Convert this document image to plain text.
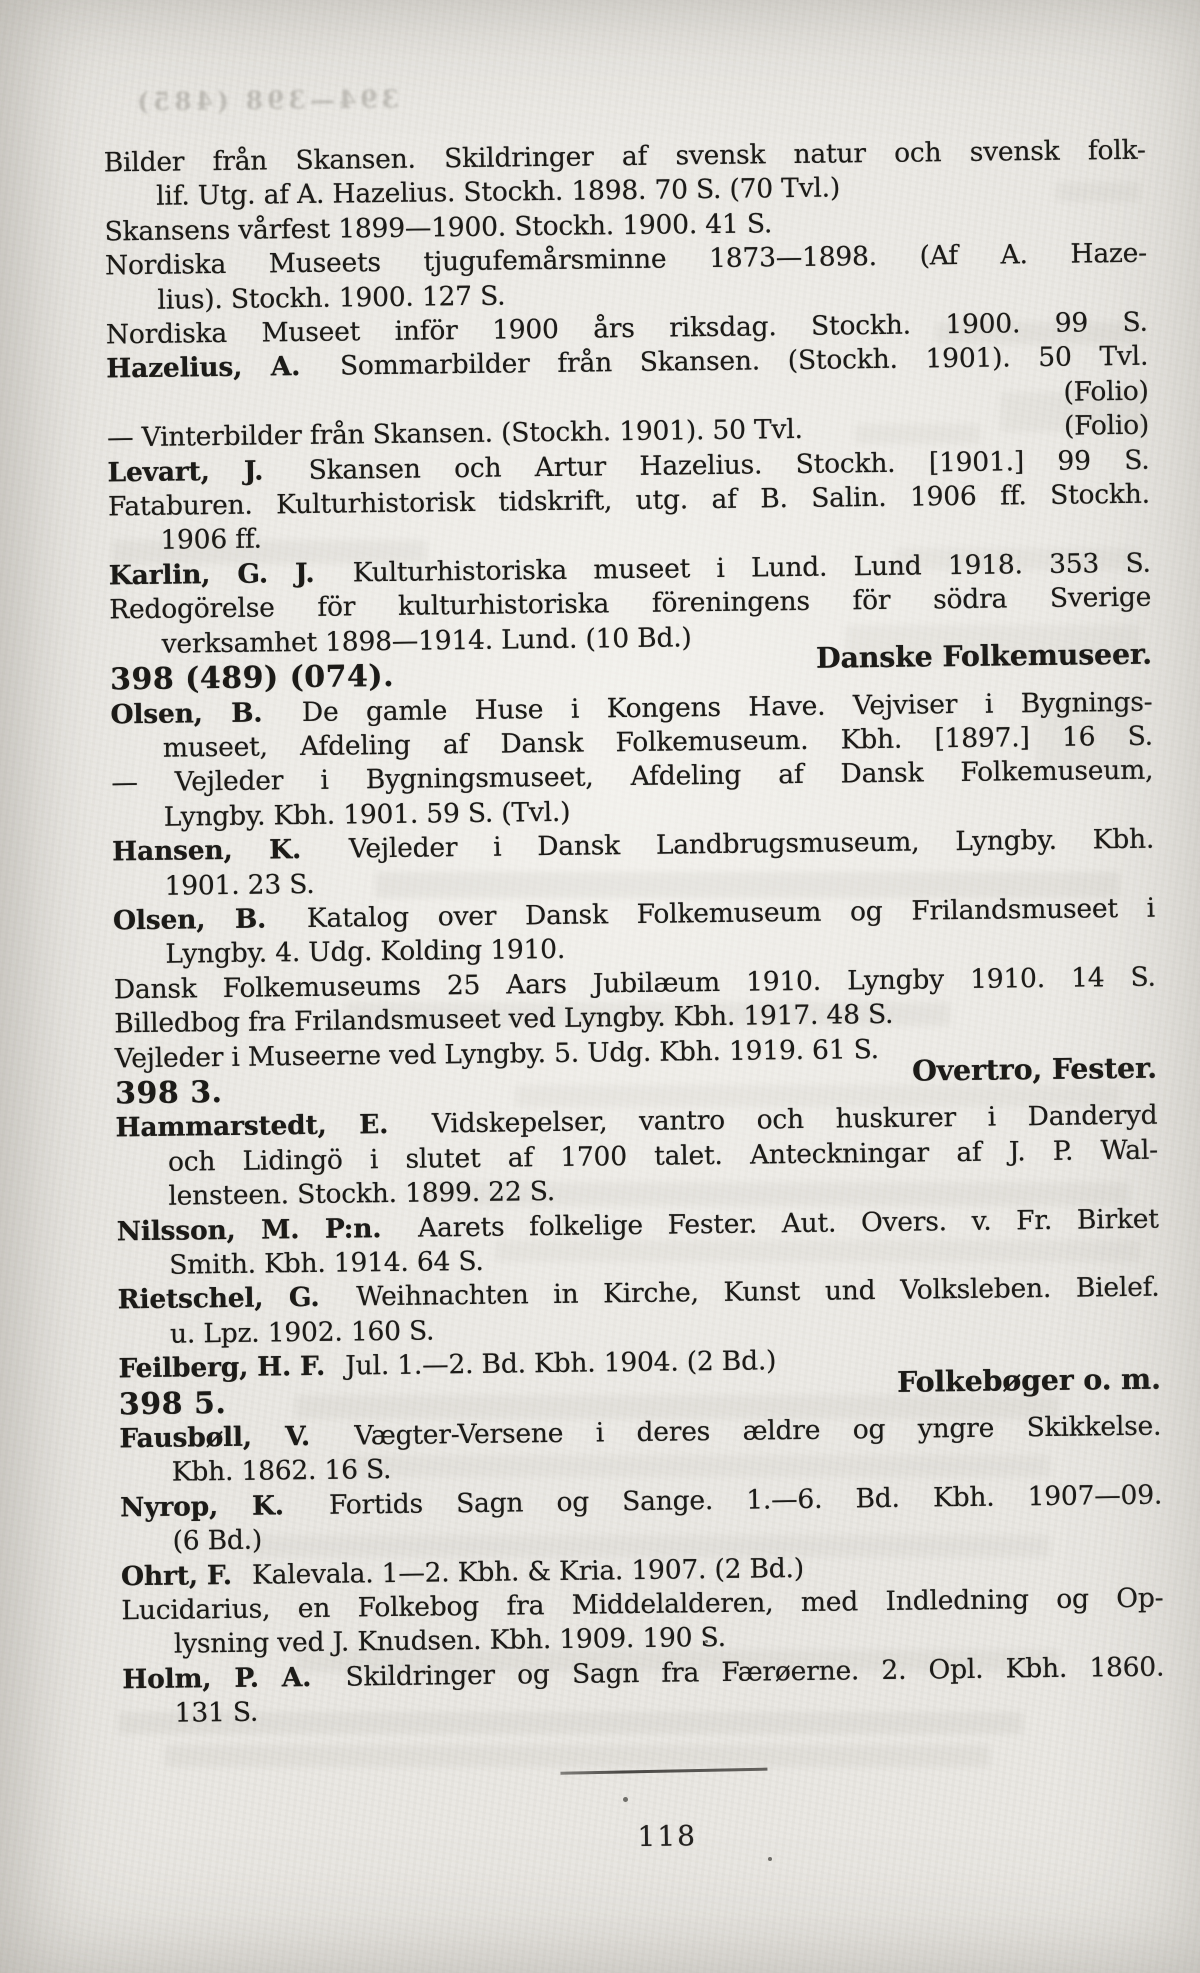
394—398 (485)
Bilder från Skansen. Skildringer af svensk natur och svensk folk-
lif. Utg. af A. Hazelius. Stockh. 1898. 70 S. (70 Tvl.)
Skansens vårfest 1899—1900. Stockh. 1900. 41 S.
Nordiska Museets tjugufemårsminne 1873—1898. (Af A. Haze-
lius). Stockh. 1900. 127 S.
Nordiska Museet inför 1900 års riksdag. Stockh. 1900. 99 S.
Hazelius, A. Sommarbilder från Skansen. (Stockh. 1901). 50 Tvl.
(Folio)
— Vinterbilder från Skansen. (Stockh. 1901). 50 Tvl.	(Folio)
Levart, J. Skansen och Artur Hazelius. Stockh. [1901.] 99 S.
Fataburen. Kulturhistorisk tidskrift, utg. af B. Salin. 1906 ff. Stockh.
1906 ff.
Karlin, G. J. Kulturhistoriska museet i Lund. Lund 1918. 353 S.
Redogörelse för kulturhistoriska föreningens för södra Sverige
verksamhet 1898—1914. Lund. (10 Bd.)
398 (489) (074).
Danske Folkemuseer.
Olsen, B. De gamle Huse i Kongens Have. Vejviser i Bygnings-
museet, Afdeling af Dansk Folkemuseum. Kbh. [1897.] 16 S.
— Vejleder i Bygningsmuseet, Afdeling af Dansk Folkemuseum,
Lyngby. Kbh. 1901. 59 S. (Tvl.)
Hansen, K. Vejleder i Dansk Landbrugsmuseum, Lyngby. Kbh.
1901. 23 S.
Olsen, B. Katalog over Dansk Folkemuseum og Frilandsmuseet i
Lyngby. 4. Udg. Kolding 1910.
Dansk Folkemuseums 25 Aars Jubilæum 1910. Lyngby 1910. 14 S.
Billedbog fra Frilandsmuseet ved Lyngby. Kbh. 1917. 48 S.
Vejleder i Museerne ved Lyngby. 5. Udg. Kbh. 1919. 61 S.
398 3.
Overtro, Fester.
Hammarstedt, E. Vidskepelser, vantro och huskurer i Danderyd
och Lidingö i slutet af 1700 talet. Anteckningar af J. P. Wal-
lensteen. Stockh. 1899. 22 S.
Nilsson, M. P:n. Aarets folkelige Fester. Aut. Overs. v. Fr. Birket
Smith. Kbh. 1914. 64 S.
Rietschel, G. Weihnachten in Kirche, Kunst und Volksleben. Bielef.
u. Lpz. 1902. 160 S.
Feilberg, H. F. Jul. 1.—2. Bd. Kbh. 1904. (2 Bd.)
398 5.
Folkebøger o. m.
Fausbøll, V. Vægter-Versene i deres ældre og yngre Skikkelse.
Kbh. 1862. 16 S.
Nyrop, K. Fortids Sagn og Sange. 1.—6. Bd. Kbh. 1907—09.
(6 Bd.)
Ohrt, F. Kalevala. 1—2. Kbh. & Kria. 1907. (2 Bd.)
Lucidarius, en Folkebog fra Middelalderen, med Indledning og Op-
lysning ved J. Knudsen. Kbh. 1909. 190 S.
Holm, P. A. Skildringer og Sagn fra Færøerne. 2. Opl. Kbh. 1860.
131 S.
118
